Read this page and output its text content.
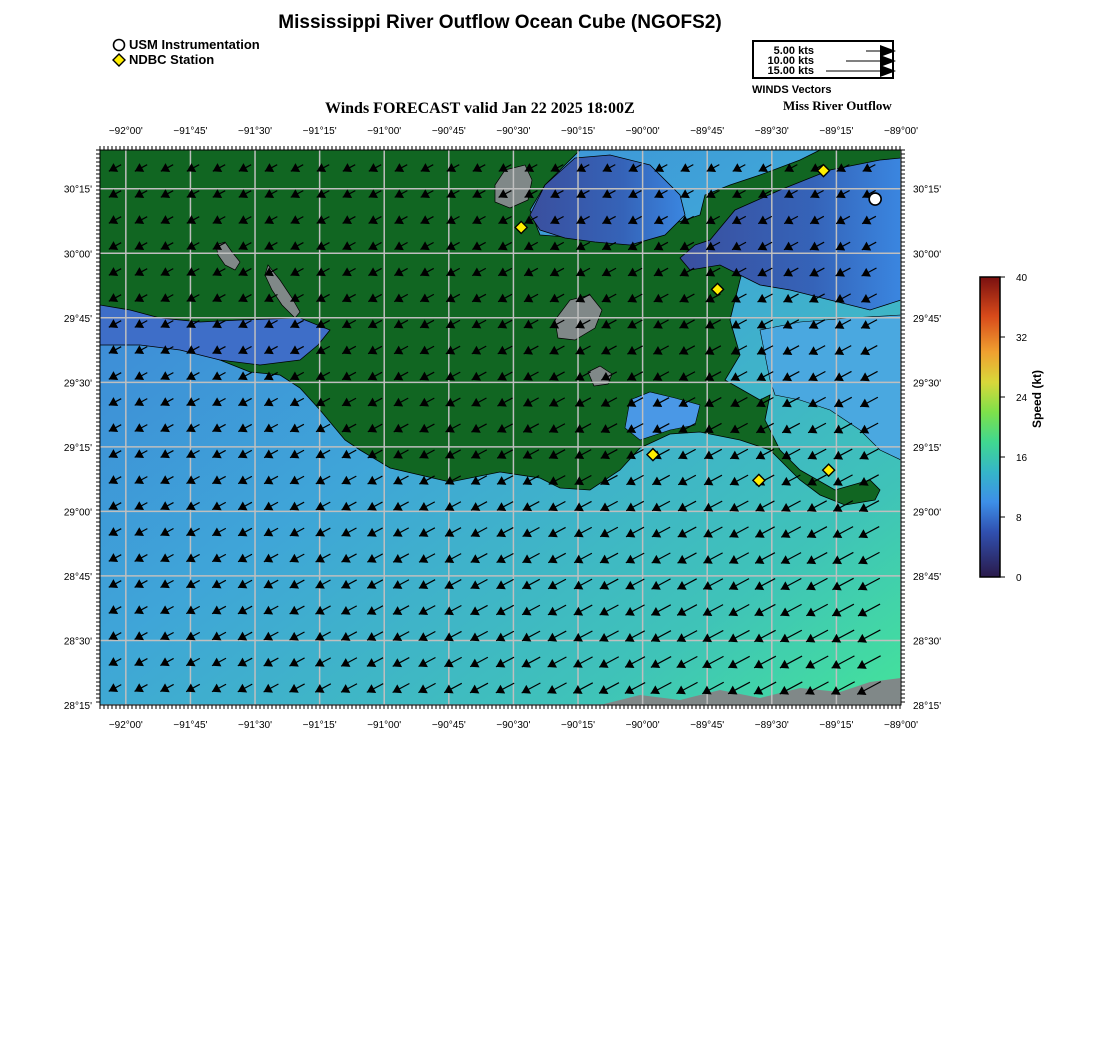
Mississippi River Outflow Ocean Cube (NGOFS2)
USM Instrumentation
NDBC Station
5.00 kts
10.00 kts
15.00 kts
WINDS Vectors
Winds FORECAST valid Jan 22 2025 18:00Z	Miss River Outflow
−92°00'	−91°45'	−91°30'	−91°15'	−91°00'	−90°45'	−90°30'	−90°15'	−90°00'	−89°45'	−89°30'	−89°15'	−89°00'
−92°00'	−91°45'	−91°30'	−91°15'	−91°00'	−90°45'	−90°30'	−90°15'	−90°00'	−89°45'	−89°30'	−89°15'	−89°00'
30°15'
30°00'
29°45'
29°30'
29°15'
29°00'
28°45'
28°30'
28°15'
30°15'
30°00'
29°45'
29°30'
29°15'
29°00'
28°45'
28°30'
28°15'
40
32
24
16
8
0
Speed (kt)
